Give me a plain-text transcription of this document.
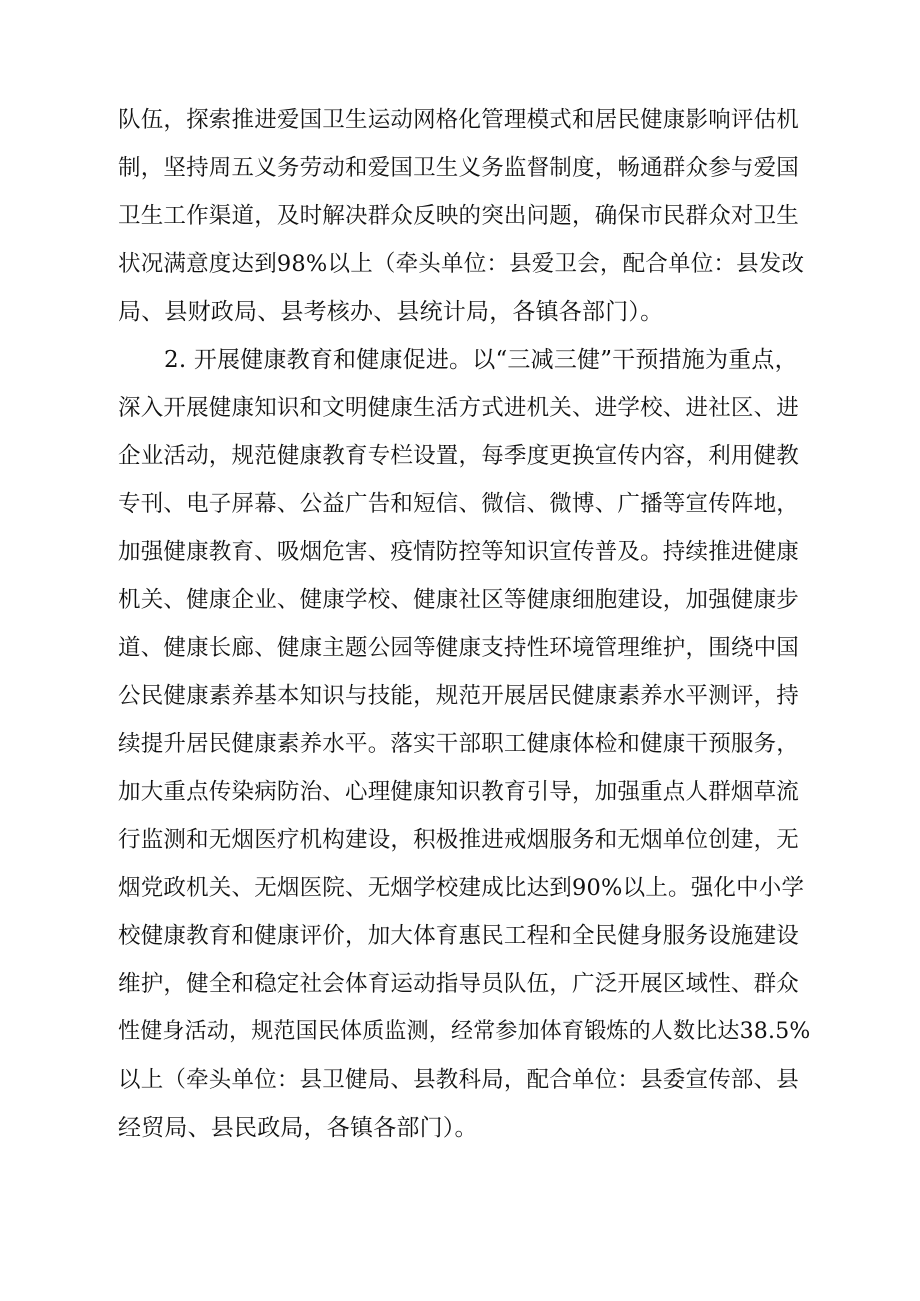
队伍，探索推进爱国卫生运动网格化管理模式和居民健康影响评估机
制，坚持周五义务劳动和爱国卫生义务监督制度，畅通群众参与爱国
卫生工作渠道，及时解决群众反映的突出问题，确保市民群众对卫生
状况满意度达到98%以上（牵头单位：县爱卫会，配合单位：县发改
局、县财政局、县考核办、县统计局，各镇各部门）。
2. 开展健康教育和健康促进。以“三减三健”干预措施为重点，
深入开展健康知识和文明健康生活方式进机关、进学校、进社区、进
企业活动，规范健康教育专栏设置，每季度更换宣传内容，利用健教
专刊、电子屏幕、公益广告和短信、微信、微博、广播等宣传阵地，
加强健康教育、吸烟危害、疫情防控等知识宣传普及。持续推进健康
机关、健康企业、健康学校、健康社区等健康细胞建设，加强健康步
道、健康长廊、健康主题公园等健康支持性环境管理维护，围绕中国
公民健康素养基本知识与技能，规范开展居民健康素养水平测评，持
续提升居民健康素养水平。落实干部职工健康体检和健康干预服务，
加大重点传染病防治、心理健康知识教育引导，加强重点人群烟草流
行监测和无烟医疗机构建设，积极推进戒烟服务和无烟单位创建，无
烟党政机关、无烟医院、无烟学校建成比达到90%以上。强化中小学
校健康教育和健康评价，加大体育惠民工程和全民健身服务设施建设
维护，健全和稳定社会体育运动指导员队伍，广泛开展区域性、群众
性健身活动，规范国民体质监测，经常参加体育锻炼的人数比达38.5%
以上（牵头单位：县卫健局、县教科局，配合单位：县委宣传部、县
经贸局、县民政局，各镇各部门）。
